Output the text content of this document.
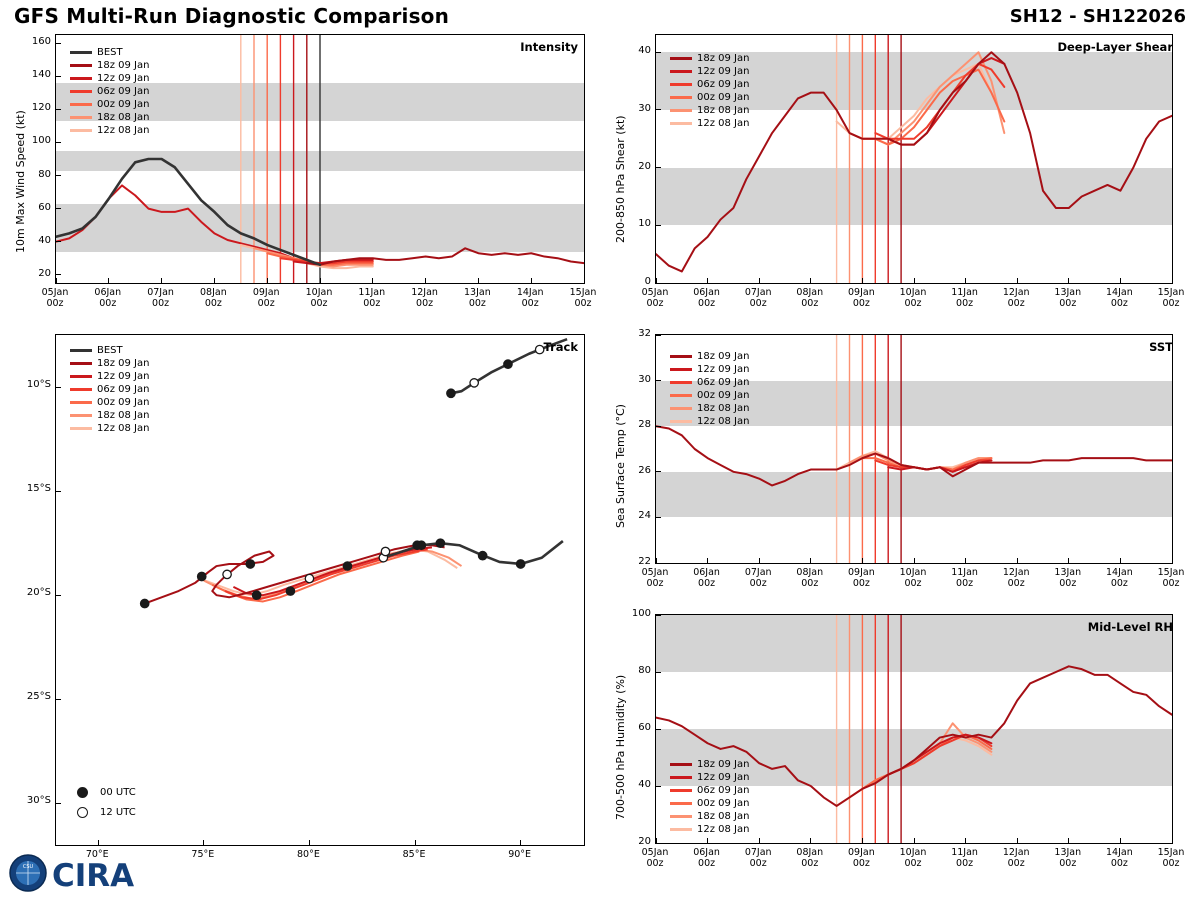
GFS Multi-Run Diagnostic Comparison	SH12 - SH122026
10m Max Wind Speed (kt)
Intensity
20
40
60
80
100
120
140
160
05Jan
00z
06Jan
00z
07Jan
00z
08Jan
00z
09Jan
00z
10Jan
00z
11Jan
00z
12Jan
00z
13Jan
00z
14Jan
00z
15Jan
00z
BEST
18z 09 Jan
12z 09 Jan
06z 09 Jan
00z 09 Jan
18z 08 Jan
12z 08 Jan
Track
10°S
15°S
20°S
25°S
30°S
70°E	75°E	80°E	85°E	90°E
BEST
18z 09 Jan
12z 09 Jan
06z 09 Jan
00z 09 Jan
18z 08 Jan
12z 08 Jan
00 UTC
12 UTC
200-850 hPa Shear (kt)
Deep-Layer Shear
0
10
20
30
40
05Jan
00z
06Jan
00z
07Jan
00z
08Jan
00z
09Jan
00z
10Jan
00z
11Jan
00z
12Jan
00z
13Jan
00z
14Jan
00z
15Jan
00z
18z 09 Jan
12z 09 Jan
06z 09 Jan
00z 09 Jan
18z 08 Jan
12z 08 Jan
Sea Surface Temp (°C)
SST
22
24
26
28
30
32
05Jan
00z
06Jan
00z
07Jan
00z
08Jan
00z
09Jan
00z
10Jan
00z
11Jan
00z
12Jan
00z
13Jan
00z
14Jan
00z
15Jan
00z
18z 09 Jan
12z 09 Jan
06z 09 Jan
00z 09 Jan
18z 08 Jan
12z 08 Jan
700-500 hPa Humidity (%)
Mid-Level RH
20
40
60
80
100
05Jan
00z
06Jan
00z
07Jan
00z
08Jan
00z
09Jan
00z
10Jan
00z
11Jan
00z
12Jan
00z
13Jan
00z
14Jan
00z
15Jan
00z
18z 09 Jan
12z 09 Jan
06z 09 Jan
00z 09 Jan
18z 08 Jan
12z 08 Jan
CSU CIRA
